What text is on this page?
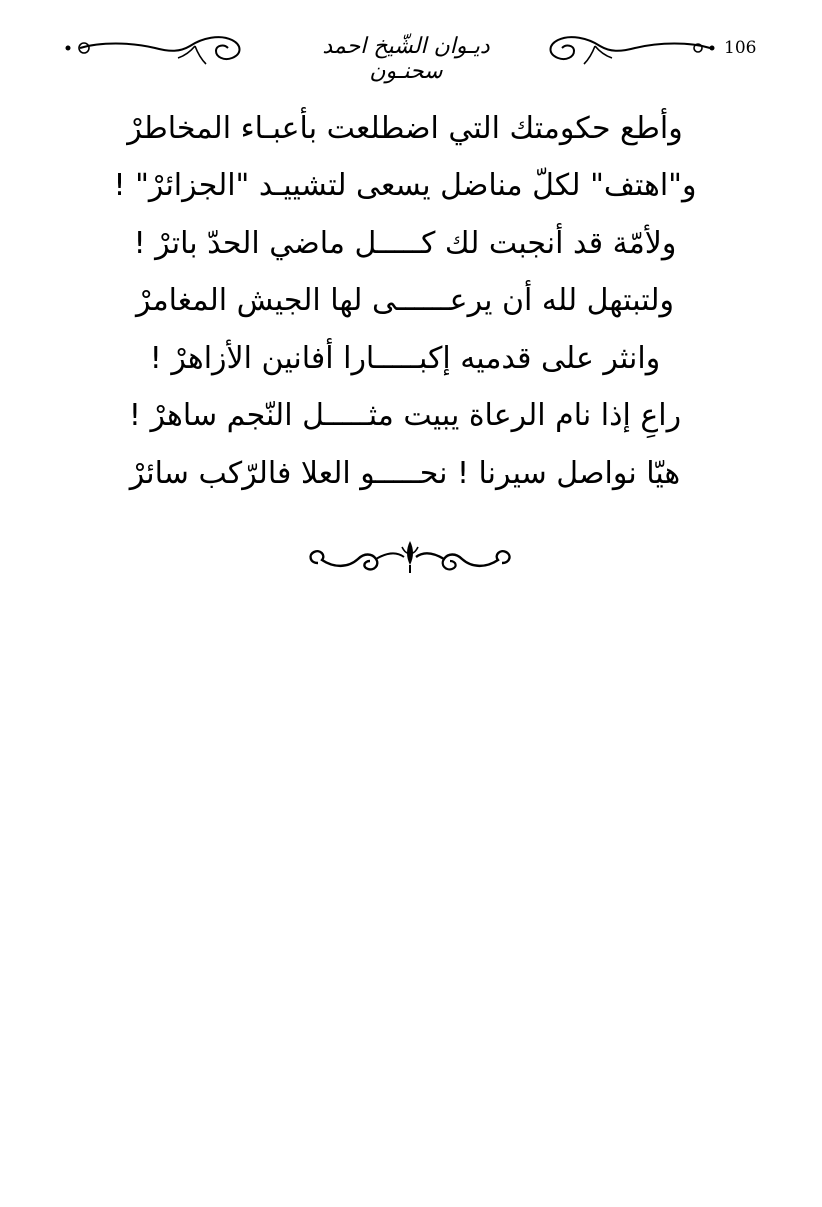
106
ديـوان الشّيخ احمد سحنـون
وأطع حكومتك التي اضطلعت بأعبـاء المخاطرْ
و"اهتف" لكلّ مناضل يسعى لتشييـد "الجزائرْ" !
ولأمّة قد أنجبت لك كـــــل ماضي الحدّ باترْ !
ولتبتهل لله أن يرعــــــى لها الجيش المغامرْ
وانثر على قدميه إكبـــــارا أفانين الأزاهرْ !
راعِ إذا نام الرعاة يبيت مثـــــل النّجم ساهرْ !
هيّا نواصل سيرنا ! نحـــــو العلا فالرّكب سائرْ
